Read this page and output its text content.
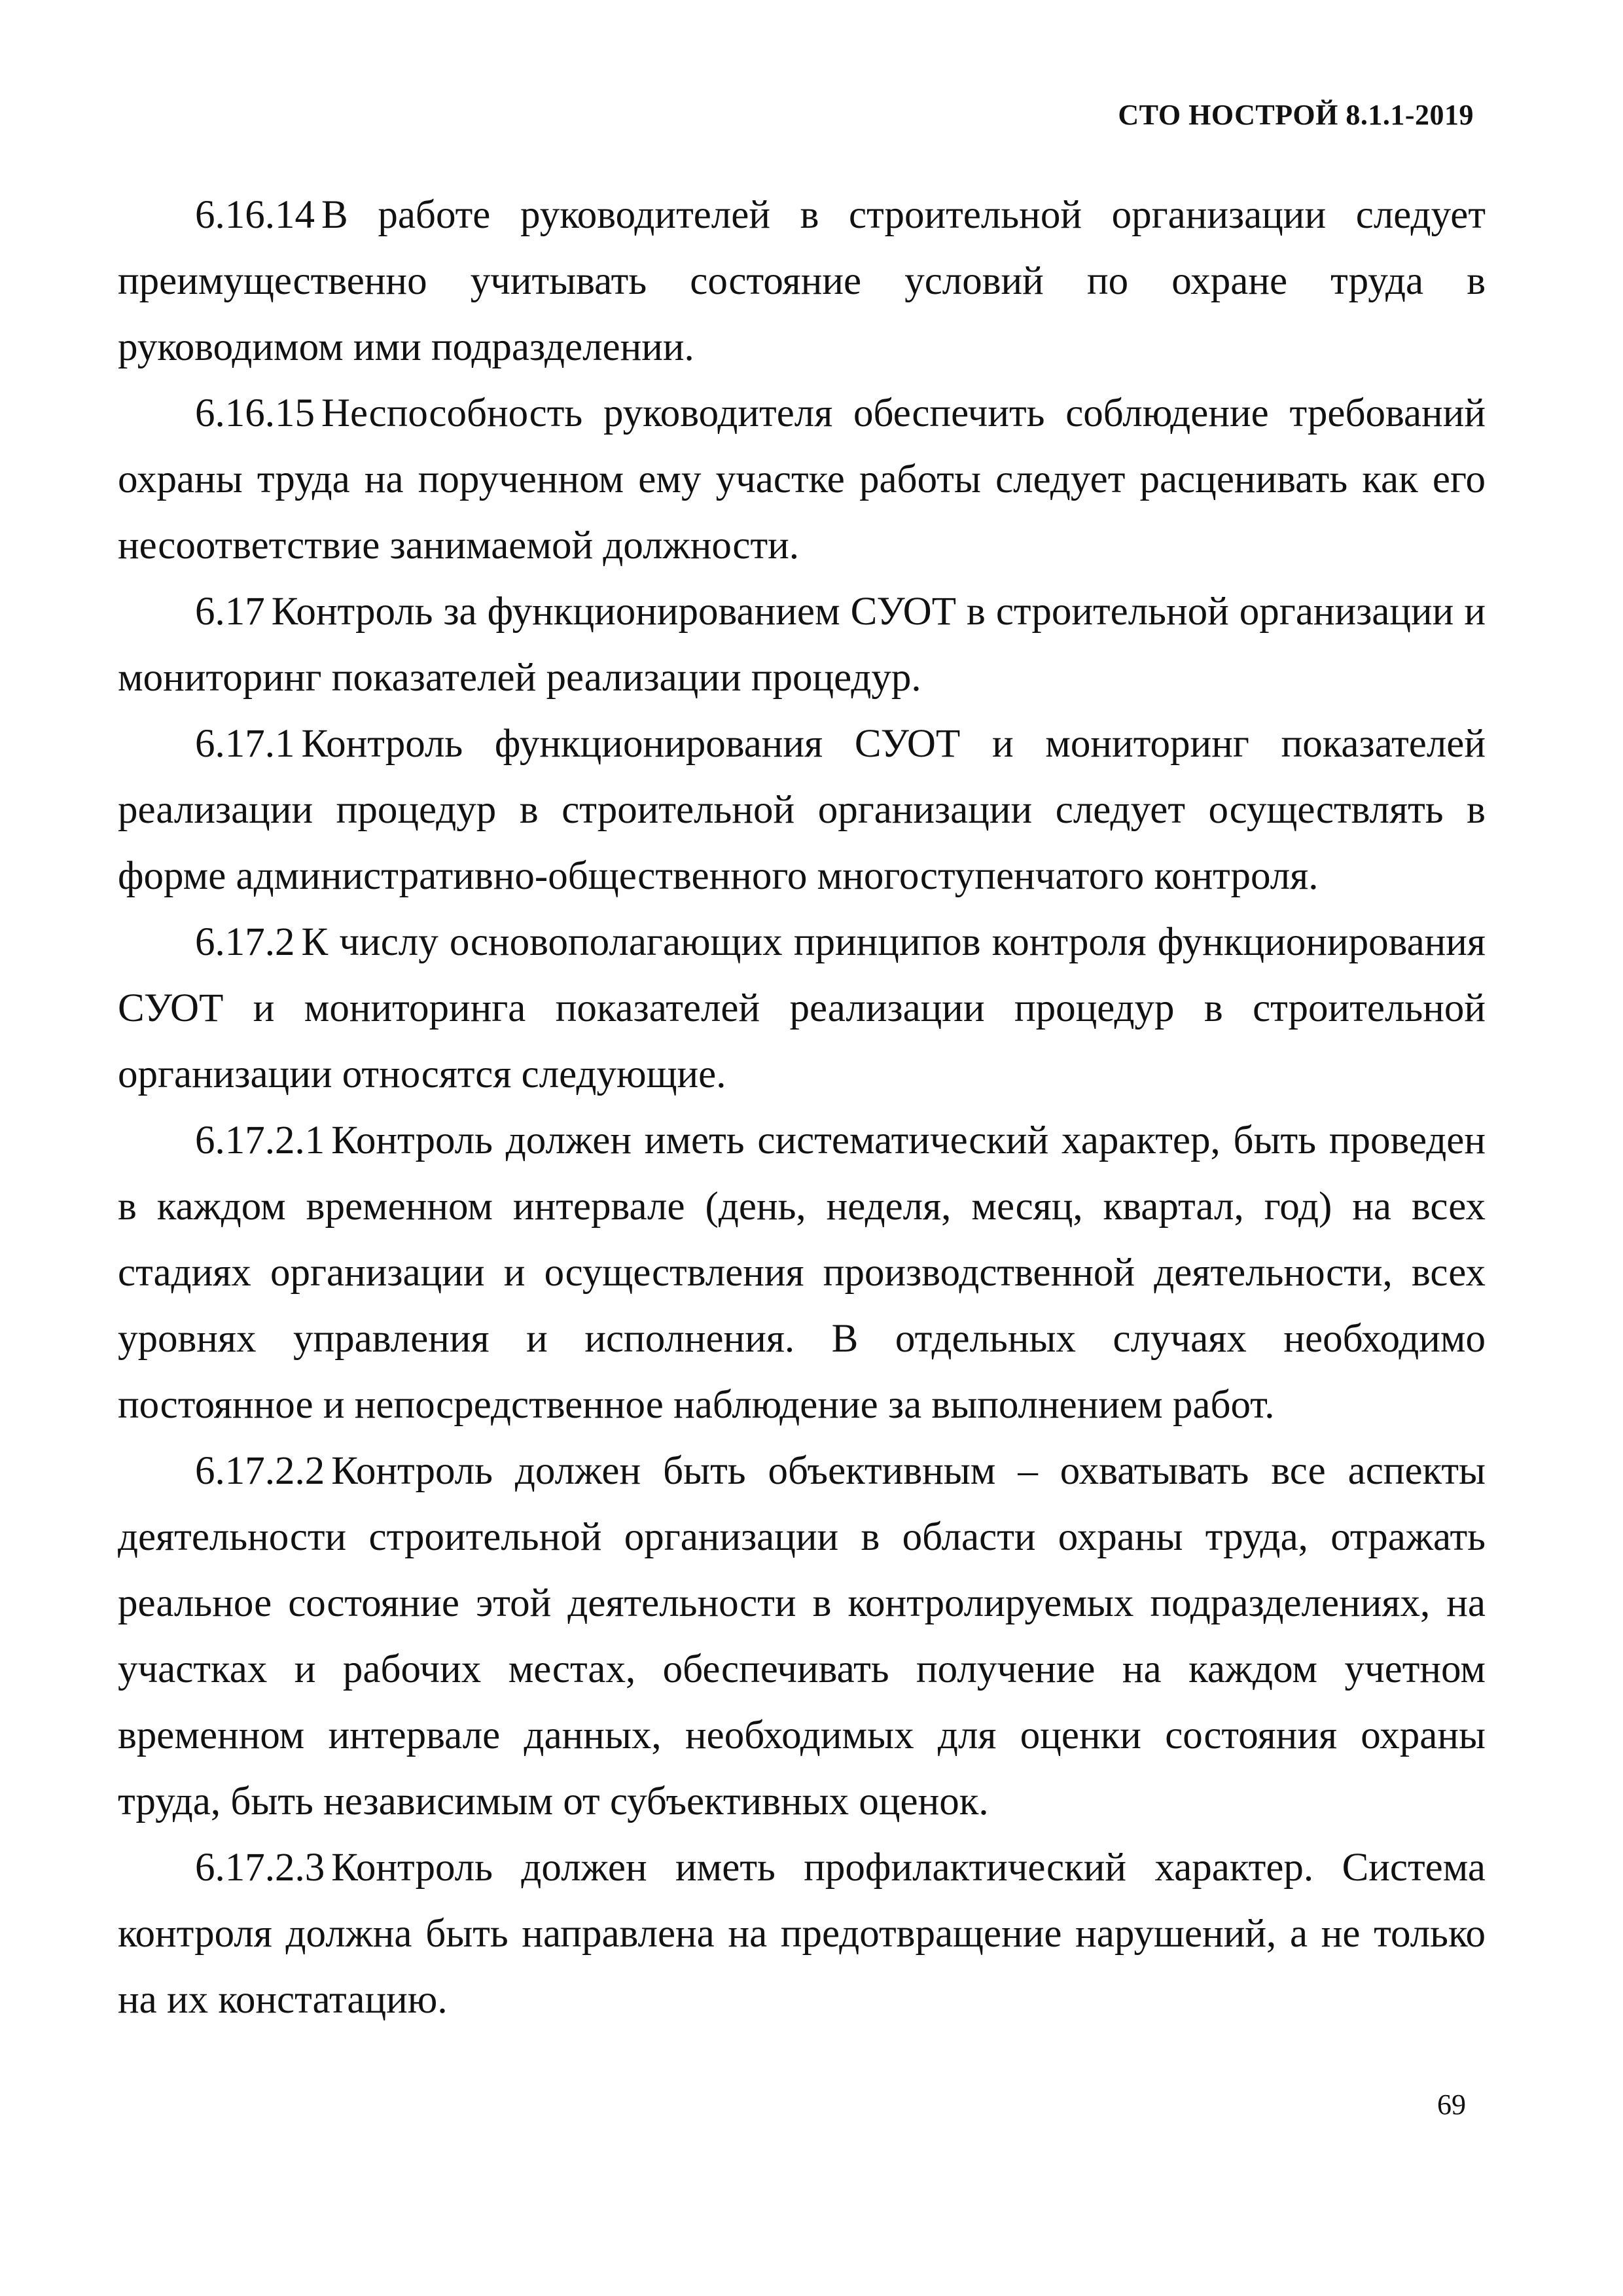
СТО НОСТРОЙ 8.1.1-2019

6.16.14 В работе руководителей в строительной организации следует преимущественно учитывать состояние условий по охране труда в руководимом ими подразделении.

6.16.15 Неспособность руководителя обеспечить соблюдение требований охраны труда на порученном ему участке работы следует расценивать как его несоответствие занимаемой должности.

6.17 Контроль за функционированием СУОТ в строительной организации и мониторинг показателей реализации процедур.

6.17.1 Контроль функционирования СУОТ и мониторинг показателей реализации процедур в строительной организации следует осуществлять в форме административно-общественного многоступенчатого контроля.

6.17.2 К числу основополагающих принципов контроля функционирования СУОТ и мониторинга показателей реализации процедур в строительной организации относятся следующие.

6.17.2.1 Контроль должен иметь систематический характер, быть проведен в каждом временном интервале (день, неделя, месяц, квартал, год) на всех стадиях организации и осуществления производственной деятельности, всех уровнях управления и исполнения. В отдельных случаях необходимо постоянное и непосредственное наблюдение за выполнением работ.

6.17.2.2 Контроль должен быть объективным – охватывать все аспекты деятельности строительной организации в области охраны труда, отражать реальное состояние этой деятельности в контролируемых подразделениях, на участках и рабочих местах, обеспечивать получение на каждом учетном временном интервале данных, необходимых для оценки состояния охраны труда, быть независимым от субъективных оценок.

6.17.2.3 Контроль должен иметь профилактический характер. Система контроля должна быть направлена на предотвращение нарушений, а не только на их констатацию.

69
